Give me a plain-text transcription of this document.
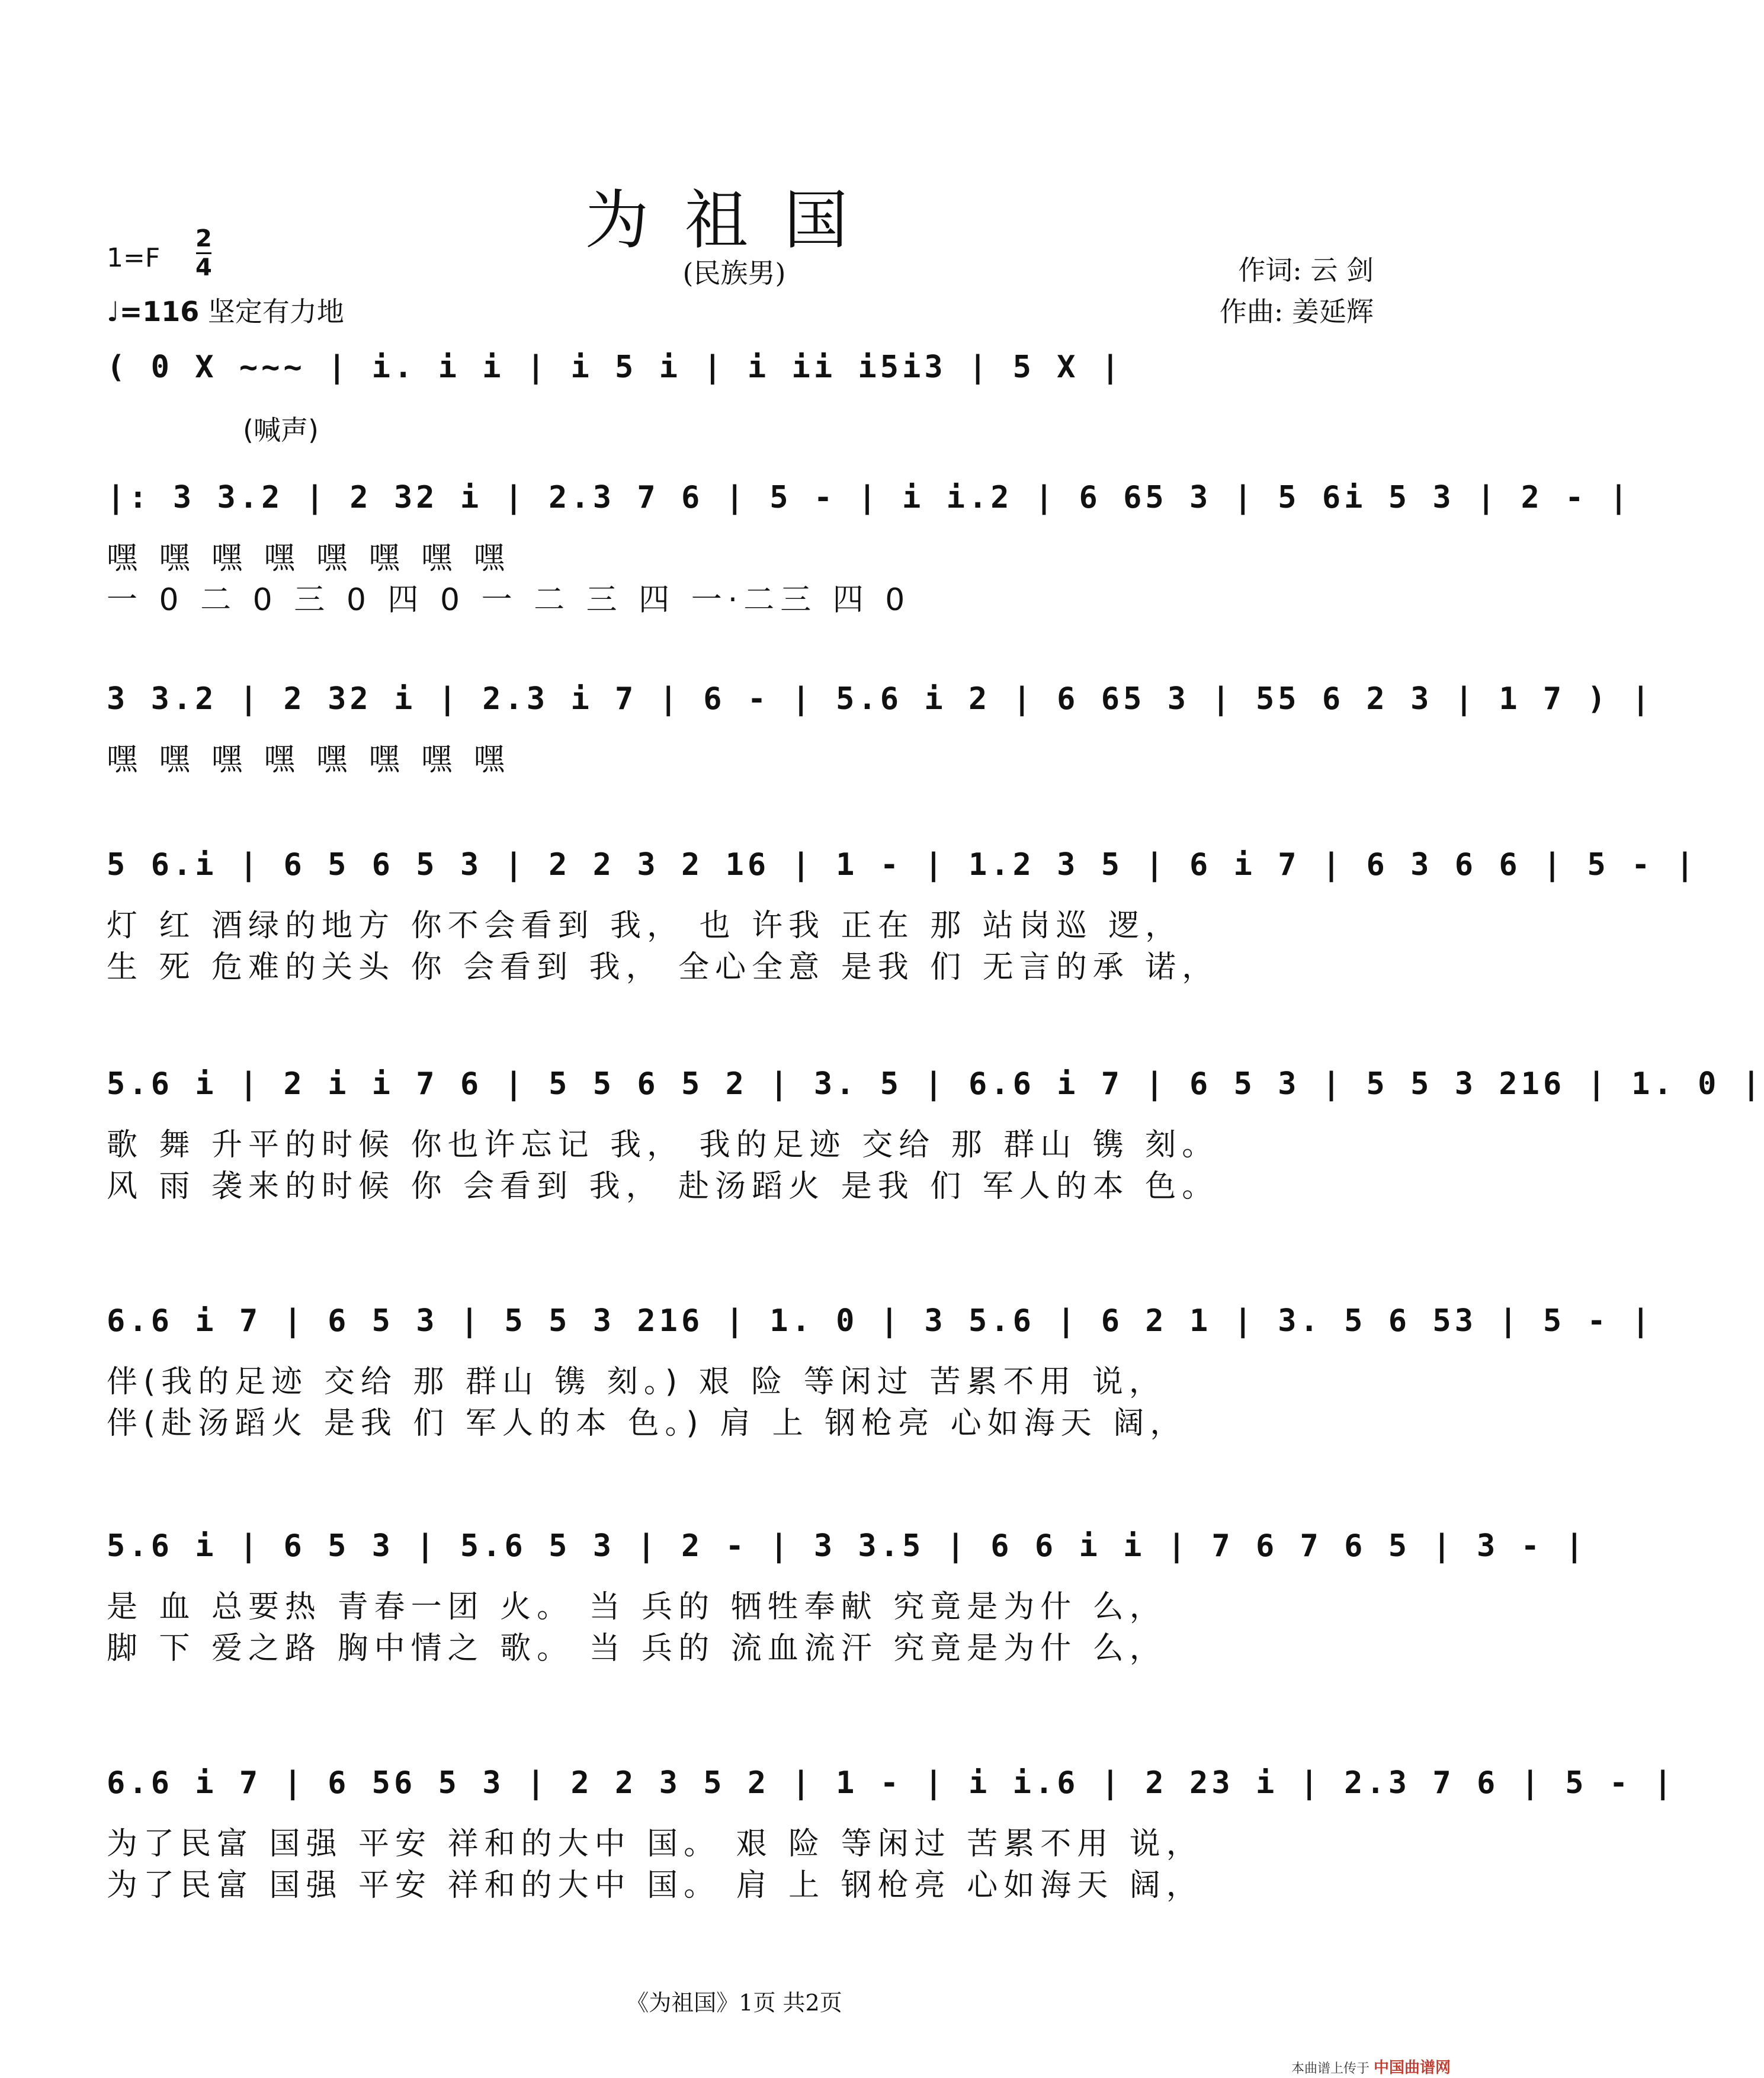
为祖国
(民族男)
1=F
2
4
♩=116 坚定有力地
作词: 云 剑
作曲: 姜延辉
( 0 X ~~~ | i. i i | i 5 i | i ii i5i3 | 5 X |
|: 3 3.2 | 2 32 i | 2.3 7 6 | 5 - | i i.2 | 6 65 3 | 5 6i 5 3 | 2 - |
嘿 嘿 嘿 嘿 嘿 嘿 嘿 嘿
一 0 二 0 三 0 四 0 一 二 三 四 一·二三 四 0
3 3.2 | 2 32 i | 2.3 i 7 | 6 - | 5.6 i 2 | 6 65 3 | 55 6 2 3 | 1 7 ) |
嘿 嘿 嘿 嘿 嘿 嘿 嘿 嘿
5 6.i | 6 5 6 5 3 | 2 2 3 2 16 | 1 - | 1.2 3 5 | 6 i 7 | 6 3 6 6 | 5 - |
灯 红 酒绿的地方 你不会看到 我， 也 许我 正在 那 站岗巡 逻，
生 死 危难的关头 你 会看到 我， 全心全意 是我 们 无言的承 诺，
5.6 i | 2 i i 7 6 | 5 5 6 5 2 | 3. 5 | 6.6 i 7 | 6 5 3 | 5 5 3 216 | 1. 0 |
歌 舞 升平的时候 你也许忘记 我， 我的足迹 交给 那 群山 镌 刻。
风 雨 袭来的时候 你 会看到 我， 赴汤蹈火 是我 们 军人的本 色。
6.6 i 7 | 6 5 3 | 5 5 3 216 | 1. 0 | 3 5.6 | 6 2 1 | 3. 5 6 53 | 5 - |
伴(我的足迹 交给 那 群山 镌 刻。) 艰 险 等闲过 苦累不用 说，
伴(赴汤蹈火 是我 们 军人的本 色。) 肩 上 钢枪亮 心如海天 阔，
5.6 i | 6 5 3 | 5.6 5 3 | 2 - | 3 3.5 | 6 6 i i | 7 6 7 6 5 | 3 - |
是 血 总要热 青春一团 火。 当 兵的 牺牲奉献 究竟是为什 么，
脚 下 爱之路 胸中情之 歌。 当 兵的 流血流汗 究竟是为什 么，
6.6 i 7 | 6 56 5 3 | 2 2 3 5 2 | 1 - | i i.6 | 2 23 i | 2.3 7 6 | 5 - |
为了民富 国强 平安 祥和的大中 国。 艰 险 等闲过 苦累不用 说，
为了民富 国强 平安 祥和的大中 国。 肩 上 钢枪亮 心如海天 阔，
(喊声)
《为祖国》1页 共2页
本曲谱上传于 中国曲谱网
